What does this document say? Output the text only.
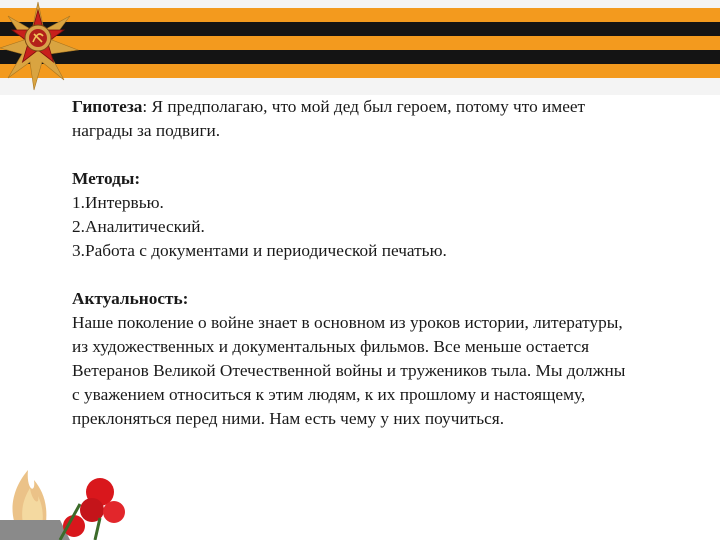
Гипотеза: Я предполагаю, что мой дед был героем, потому что имеет награды за подвиги.

Методы:
1.Интервью.
2.Аналитический.
3.Работа с документами и периодической печатью.

Актуальность:
Наше поколение о войне знает в основном из уроков истории, литературы, из художественных и документальных фильмов. Все меньше остается Ветеранов Великой Отечественной войны и тружеников тыла. Мы должны с уважением относиться к этим людям, к их прошлому и настоящему, преклоняться перед ними. Нам есть чему у них поучиться.
